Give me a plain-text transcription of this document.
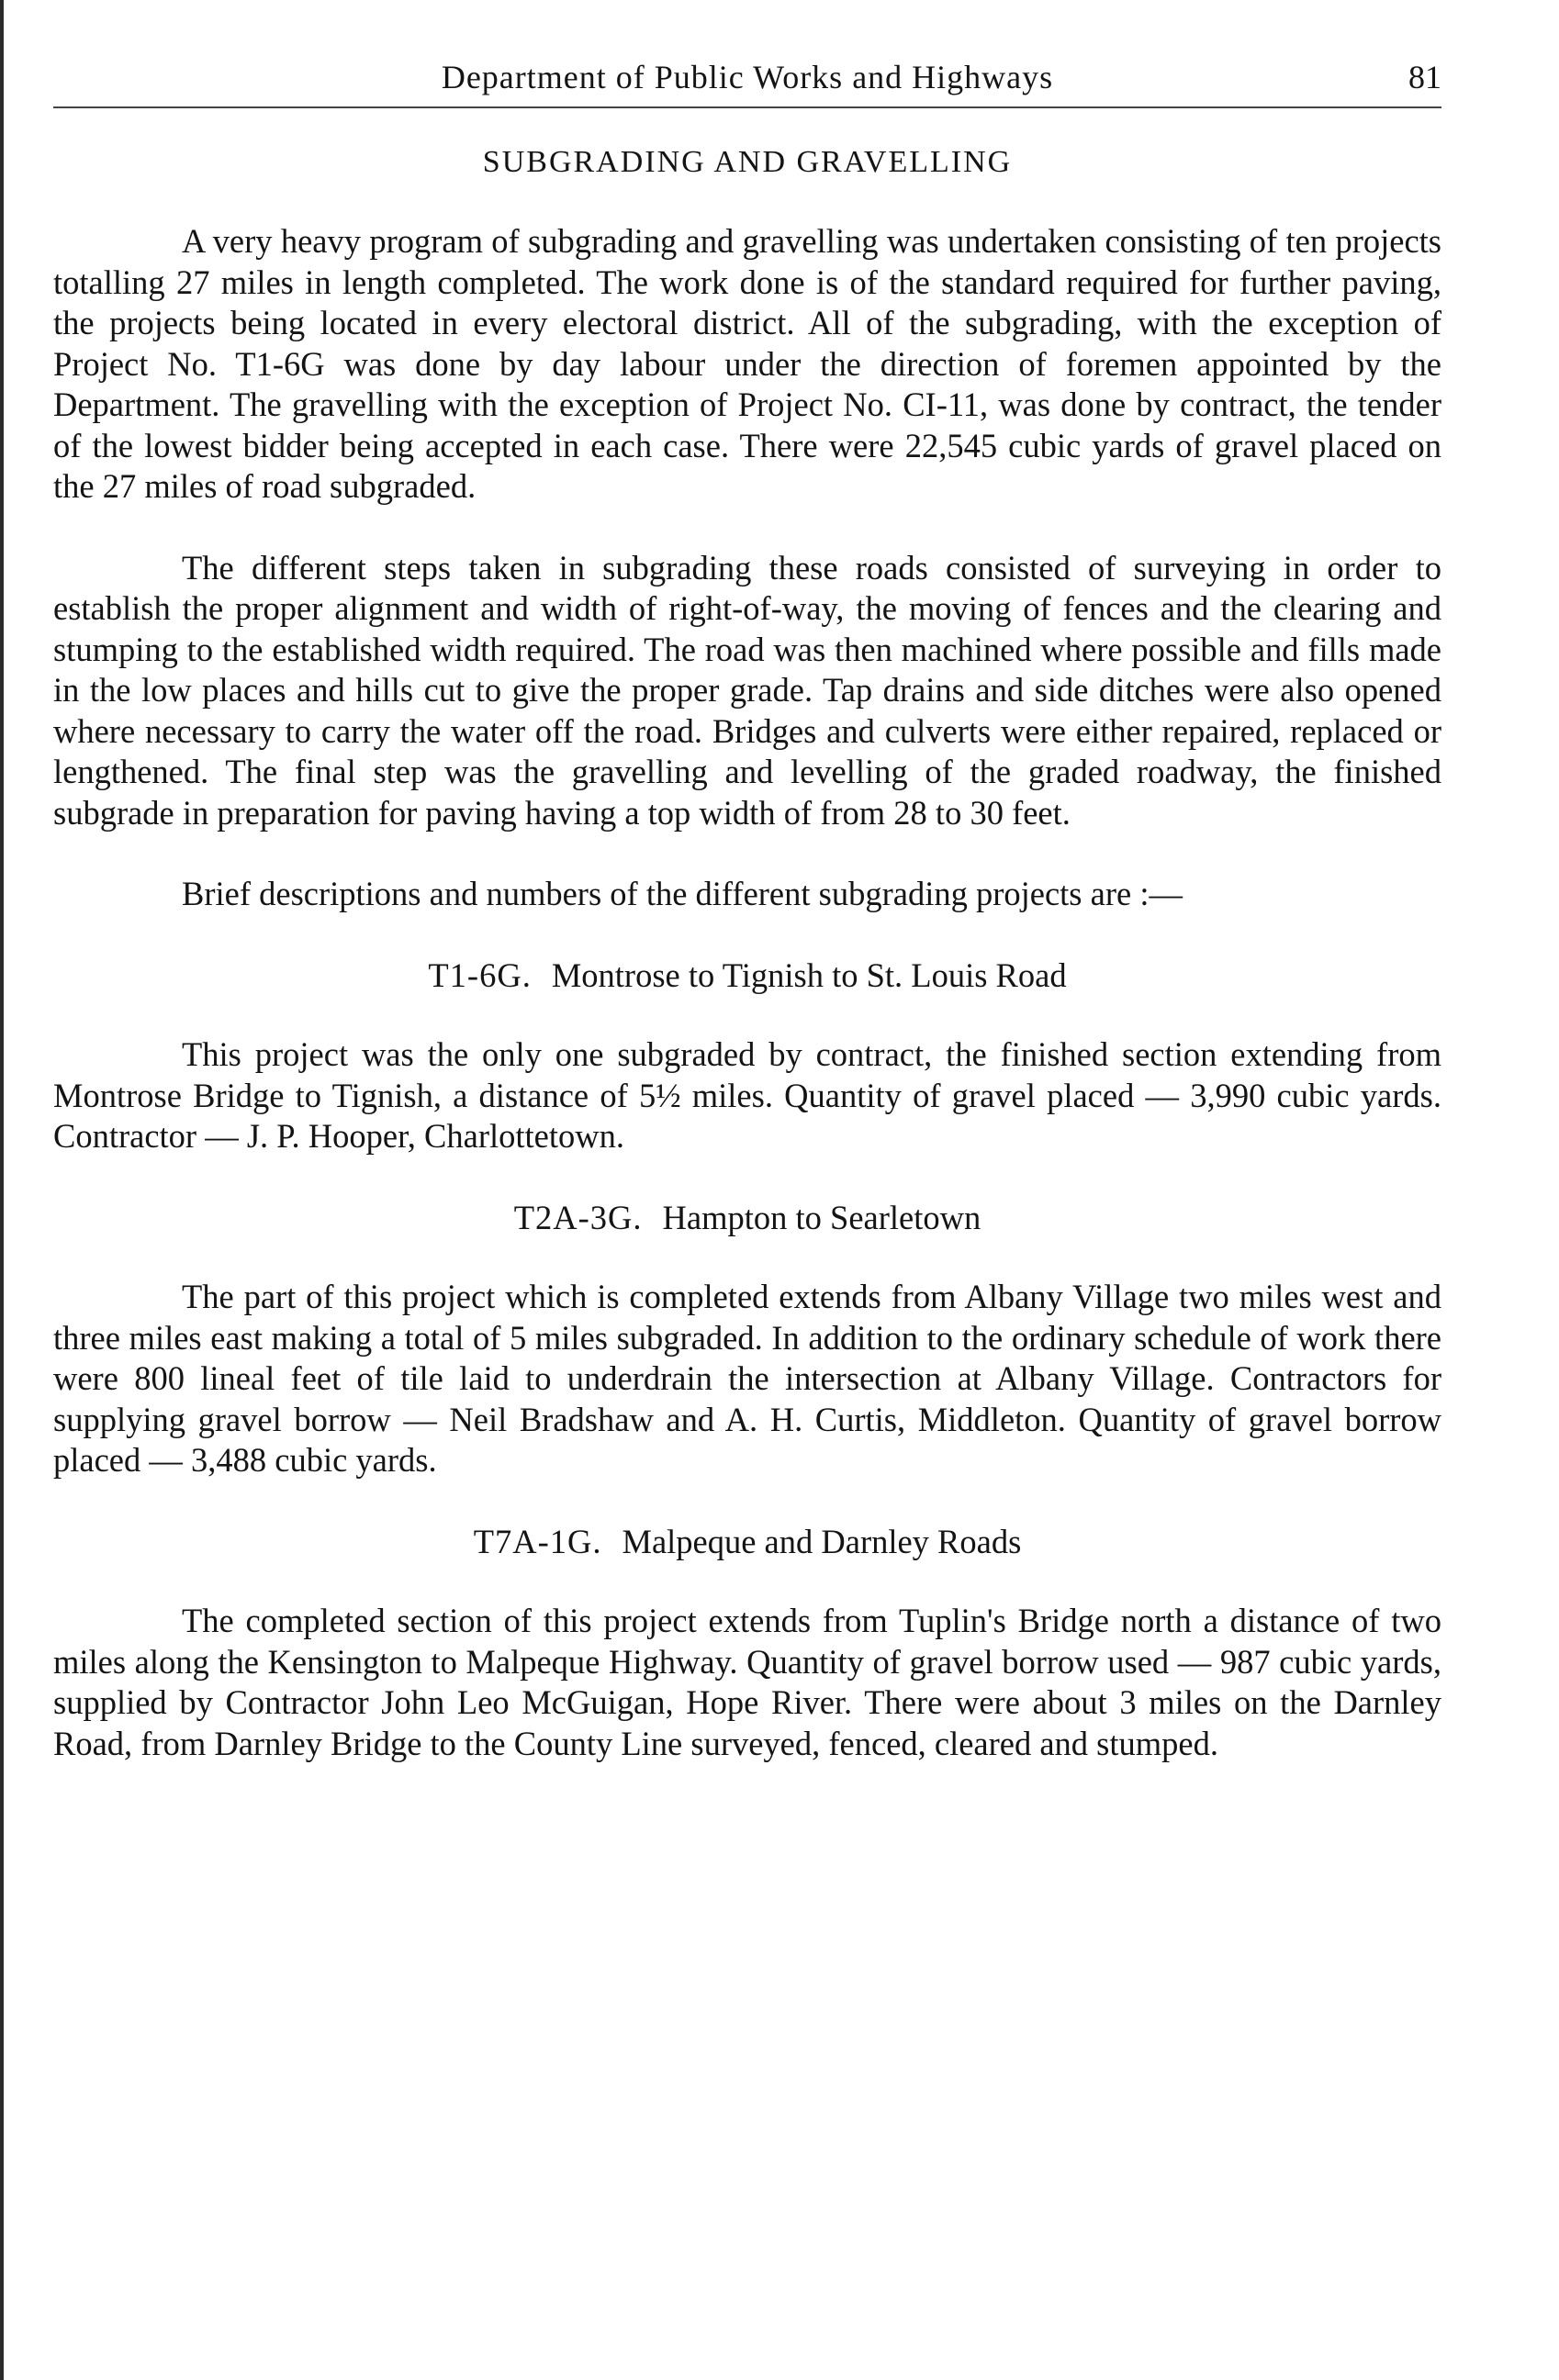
Department of Public Works and Highways	81
SUBGRADING AND GRAVELLING

A very heavy program of subgrading and gravelling was undertaken consisting of ten projects totalling 27 miles in length completed. The work done is of the standard required for further paving, the projects being located in every electoral district. All of the subgrading, with the exception of Project No. T1-6G was done by day labour under the direction of foremen appointed by the Department. The gravelling with the exception of Project No. CI-11, was done by contract, the tender of the lowest bidder being accepted in each case. There were 22,545 cubic yards of gravel placed on the 27 miles of road subgraded.

The different steps taken in subgrading these roads consisted of surveying in order to establish the proper alignment and width of right-of-way, the moving of fences and the clearing and stumping to the established width required. The road was then machined where possible and fills made in the low places and hills cut to give the proper grade. Tap drains and side ditches were also opened where necessary to carry the water off the road. Bridges and culverts were either repaired, replaced or lengthened. The final step was the gravelling and levelling of the graded roadway, the finished subgrade in preparation for paving having a top width of from 28 to 30 feet.

Brief descriptions and numbers of the different subgrading projects are :—

T1-6G. Montrose to Tignish to St. Louis Road

This project was the only one subgraded by contract, the finished section extending from Montrose Bridge to Tignish, a distance of 5½ miles. Quantity of gravel placed — 3,990 cubic yards. Contractor — J. P. Hooper, Charlottetown.

T2A-3G. Hampton to Searletown

The part of this project which is completed extends from Albany Village two miles west and three miles east making a total of 5 miles subgraded. In addition to the ordinary schedule of work there were 800 lineal feet of tile laid to underdrain the intersection at Albany Village. Contractors for supplying gravel borrow — Neil Bradshaw and A. H. Curtis, Middleton. Quantity of gravel borrow placed — 3,488 cubic yards.

T7A-1G. Malpeque and Darnley Roads

The completed section of this project extends from Tuplin's Bridge north a distance of two miles along the Kensington to Malpeque Highway. Quantity of gravel borrow used — 987 cubic yards, supplied by Contractor John Leo McGuigan, Hope River. There were about 3 miles on the Darnley Road, from Darnley Bridge to the County Line surveyed, fenced, cleared and stumped.
